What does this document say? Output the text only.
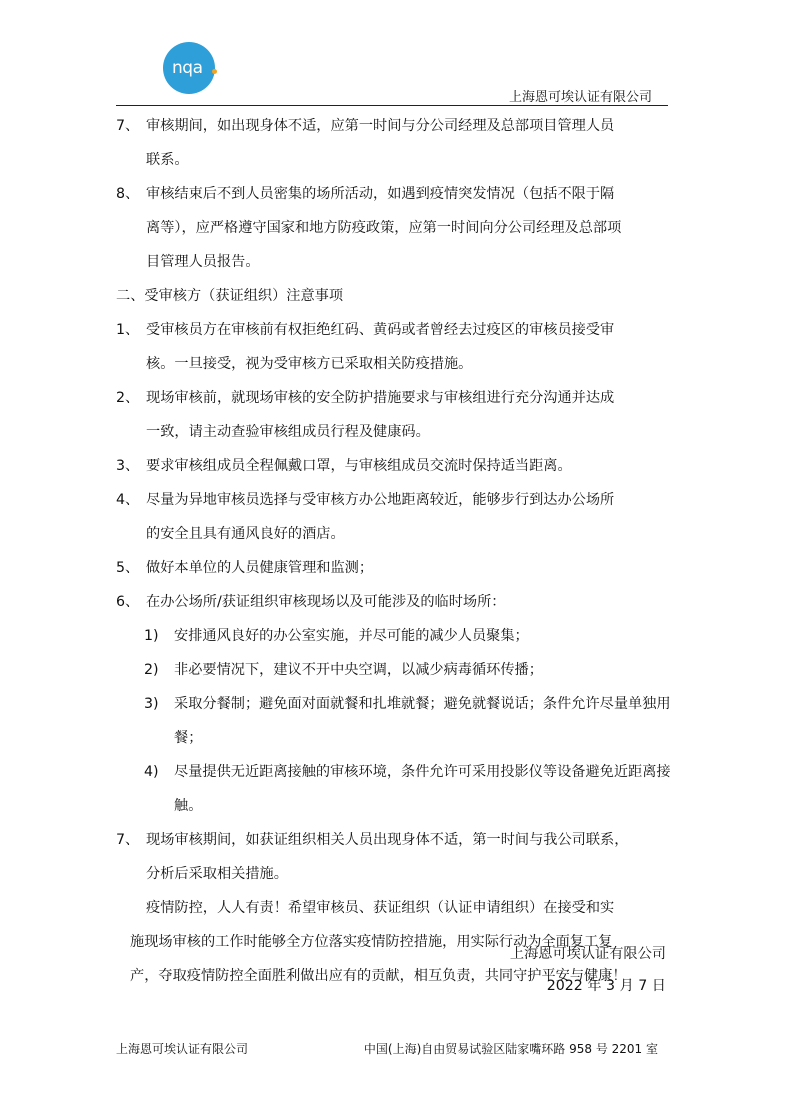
nqa
上海恩可埃认证有限公司
7、 审核期间，如出现身体不适，应第一时间与分公司经理及总部项目管理人员
联系。
8、 审核结束后不到人员密集的场所活动，如遇到疫情突发情况（包括不限于隔
离等），应严格遵守国家和地方防疫政策，应第一时间向分公司经理及总部项
目管理人员报告。
二、受审核方（获证组织）注意事项
1、 受审核员方在审核前有权拒绝红码、黄码或者曾经去过疫区的审核员接受审
核。一旦接受，视为受审核方已采取相关防疫措施。
2、 现场审核前，就现场审核的安全防护措施要求与审核组进行充分沟通并达成
一致，请主动查验审核组成员行程及健康码。
3、 要求审核组成员全程佩戴口罩，与审核组成员交流时保持适当距离。
4、 尽量为异地审核员选择与受审核方办公地距离较近，能够步行到达办公场所
的安全且具有通风良好的酒店。
5、 做好本单位的人员健康管理和监测；
6、 在办公场所/获证组织审核现场以及可能涉及的临时场所：
1) 安排通风良好的办公室实施，并尽可能的减少人员聚集；
2) 非必要情况下，建议不开中央空调，以减少病毒循环传播；
3) 采取分餐制；避免面对面就餐和扎堆就餐；避免就餐说话；条件允许尽量单独用餐；
4) 尽量提供无近距离接触的审核环境，条件允许可采用投影仪等设备避免近距离接触。
7、 现场审核期间，如获证组织相关人员出现身体不适，第一时间与我公司联系，
分析后采取相关措施。
疫情防控，人人有责！希望审核员、获证组织（认证申请组织）在接受和实
施现场审核的工作时能够全方位落实疫情防控措施，用实际行动为全面复工复
产，夺取疫情防控全面胜利做出应有的贡献，相互负责，共同守护平安与健康！
上海恩可埃认证有限公司
2022 年 3 月 7 日
上海恩可埃认证有限公司	中国(上海)自由贸易试验区陆家嘴环路 958 号 2201 室
